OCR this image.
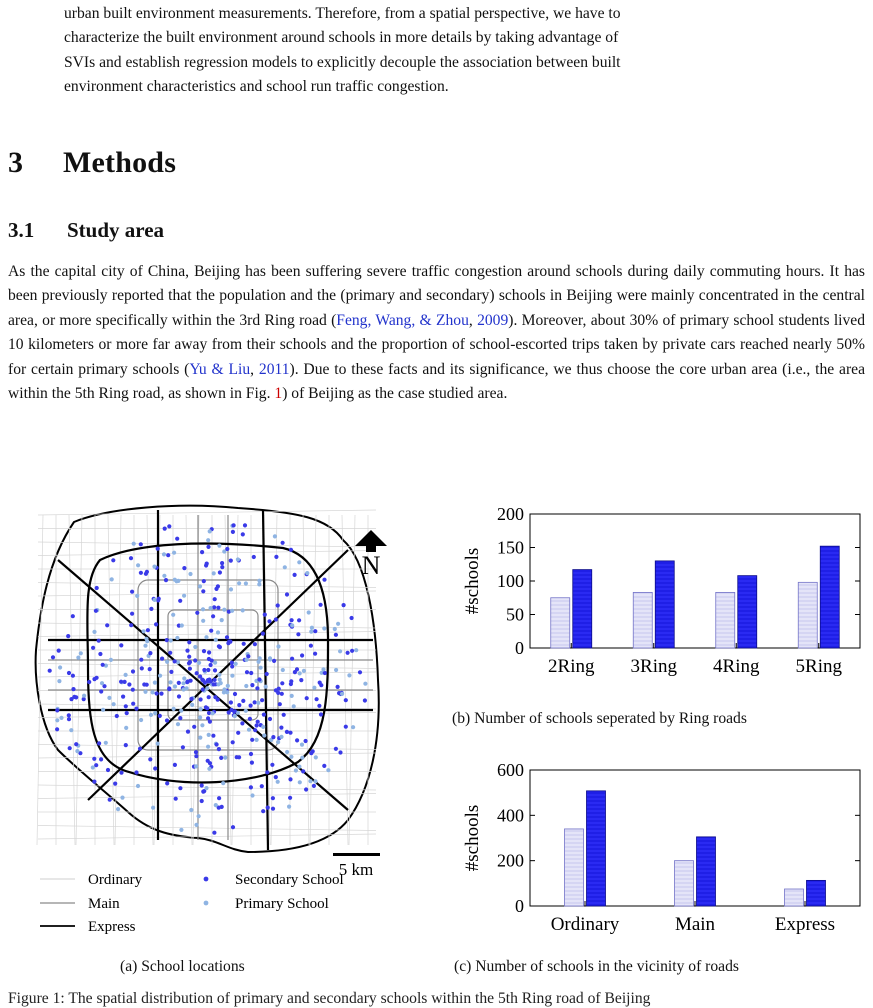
urban built environment measurements. Therefore, from a spatial perspective, we have to
characterize the built environment around schools in more details by taking advantage of
SVIs and establish regression models to explicitly decouple the association between built
environment characteristics and school run traffic congestion.
3 Methods
3.1 Study area

As the capital city of China, Beijing has been suffering severe traffic congestion around schools during daily commuting hours. It has been previously reported that the population and the (primary and secondary) schools in Beijing were mainly concentrated in the central area, or more specifically within the 3rd Ring road (Feng, Wang, & Zhou, 2009). Moreover, about 30% of primary school students lived 10 kilometers or more far away from their schools and the proportion of school-escorted trips taken by private cars reached nearly 50% for certain primary schools (Yu & Liu, 2011). Due to these facts and its significance, we thus choose the core urban area (i.e., the area within the 5th Ring road, as shown in Fig. 1) of Beijing as the case studied area.

N
5 km
Ordinary
Main
Express
Secondary School
Primary School
(a) School locations
0
50
100
150
200
2Ring 3Ring 4Ring 5Ring
#schools
(b) Number of schools seperated by Ring roads
0
200
400
600
Ordinary	Main	Express
#schools
(c) Number of schools in the vicinity of roads
Figure 1: The spatial distribution of primary and secondary schools within the 5th Ring road of Beijing
